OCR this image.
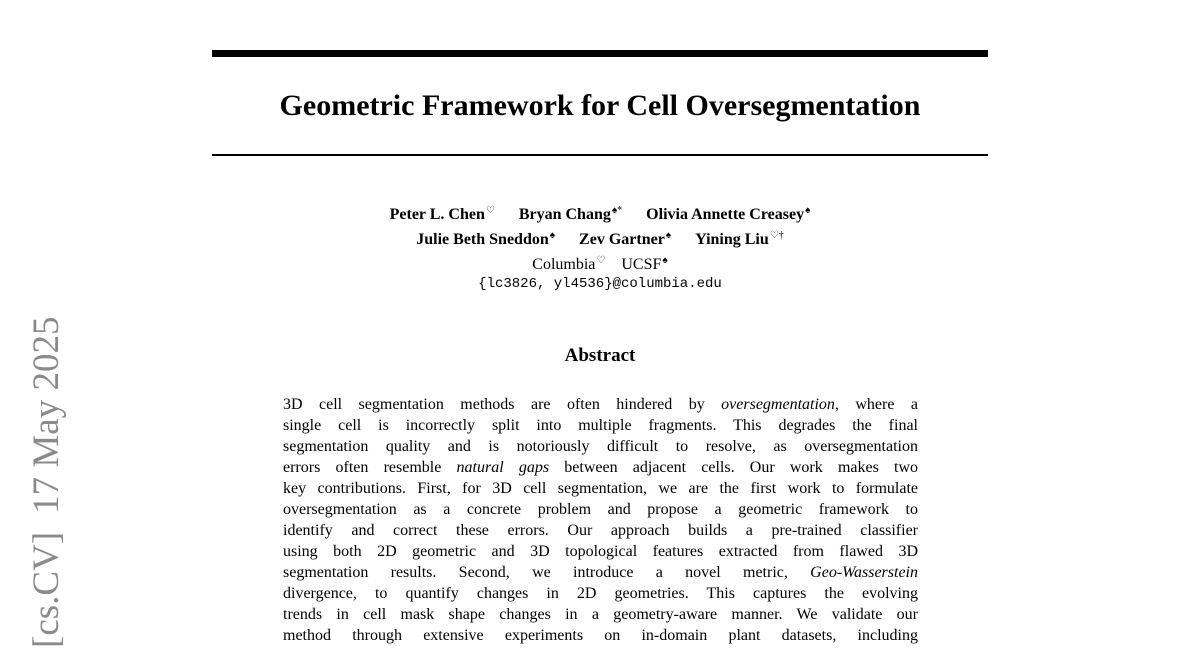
[cs.CV]17 May 2025
Geometric Framework for Cell Oversegmentation
Peter L. Chen♡ Bryan Chang♠* Olivia Annette Creasey♠
Julie Beth Sneddon♠ Zev Gartner♠ Yining Liu♡†
Columbia♡ UCSF♠
{lc3826, yl4536}@columbia.edu
Abstract
3D cell segmentation methods are often hindered by oversegmentation, where a
single cell is incorrectly split into multiple fragments. This degrades the final
segmentation quality and is notoriously difficult to resolve, as oversegmentation
errors often resemble natural gaps between adjacent cells. Our work makes two
key contributions. First, for 3D cell segmentation, we are the first work to formulate
oversegmentation as a concrete problem and propose a geometric framework to
identify and correct these errors. Our approach builds a pre-trained classifier
using both 2D geometric and 3D topological features extracted from flawed 3D
segmentation results. Second, we introduce a novel metric, Geo-Wasserstein
divergence, to quantify changes in 2D geometries. This captures the evolving
trends in cell mask shape changes in a geometry-aware manner. We validate our
method through extensive experiments on in-domain plant datasets, including
